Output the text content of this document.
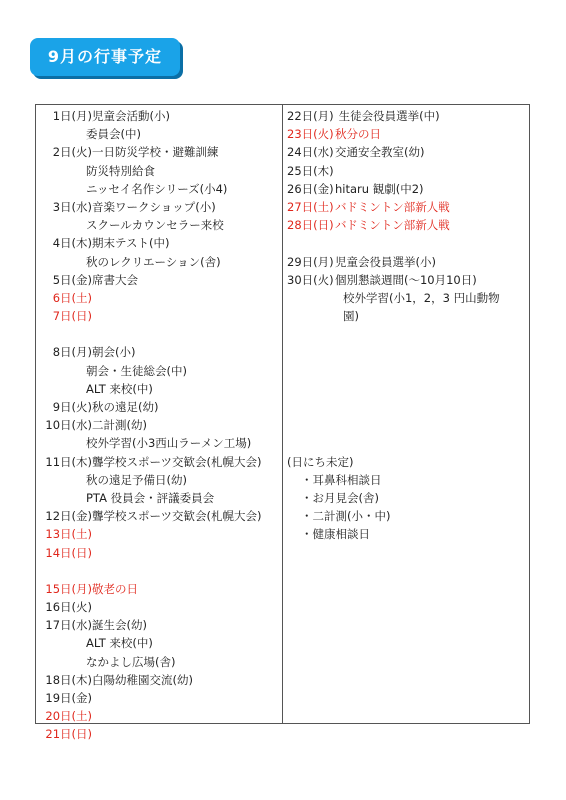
9月の行事予定
1日(月)児童会活動(小)
委員会(中)
2日(火)一日防災学校・避難訓練
防災特別給食
ニッセイ名作シリーズ(小4)
3日(水)音楽ワークショップ(小)
スクールカウンセラー来校
4日(木)期末テスト(中)
秋のレクリエーション(舎)
5日(金)席書大会
6日(土)
7日(日)
8日(月)朝会(小)
朝会・生徒総会(中)
ALT 来校(中)
9日(火)秋の遠足(幼)
10日(水)二計測(幼)
校外学習(小3西山ラーメン工場)
11日(木)聾学校スポーツ交歓会(札幌大会)
秋の遠足予備日(幼)
PTA 役員会・評議委員会
12日(金)聾学校スポーツ交歓会(札幌大会)
13日(土)
14日(日)
15日(月)敬老の日
16日(火)
17日(水)誕生会(幼)
ALT 来校(中)
なかよし広場(舎)
18日(木)白陽幼稚園交流(幼)
19日(金)
20日(土)
21日(日)
22日(月) 生徒会役員選挙(中)
23日(火)秋分の日
24日(水)交通安全教室(幼)
25日(木)
26日(金)hitaru 観劇(中2)
27日(土)バドミントン部新人戦
28日(日)バドミントン部新人戦
29日(月)児童会役員選挙(小)
30日(火)個別懇談週間(～10月10日)
校外学習(小1，2，3 円山動物
園)
(日にち未定)
・耳鼻科相談日
・お月見会(舎)
・二計測(小・中)
・健康相談日
